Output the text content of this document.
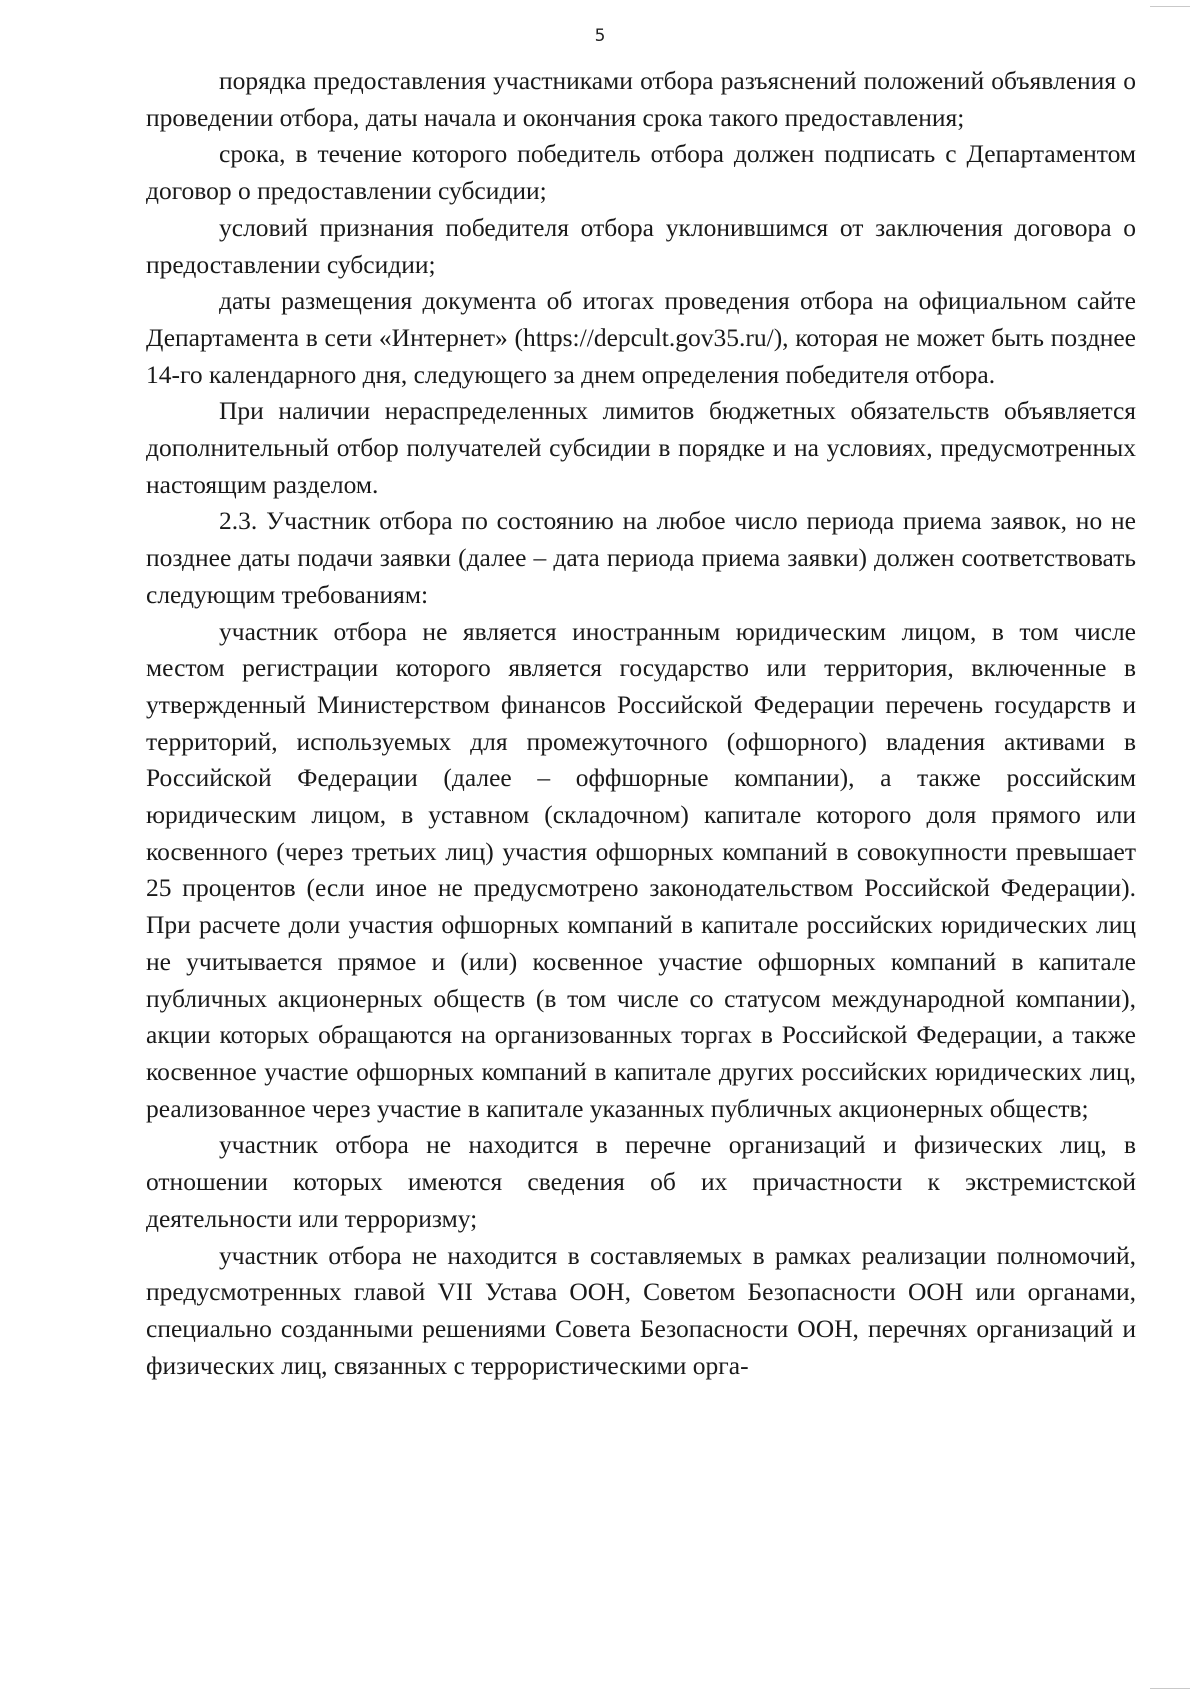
5

порядка предоставления участниками отбора разъяснений положений объявления о проведении отбора, даты начала и окончания срока такого предоставления;

срока, в течение которого победитель отбора должен подписать с Департаментом договор о предоставлении субсидии;

условий признания победителя отбора уклонившимся от заключения договора о предоставлении субсидии;

даты размещения документа об итогах проведения отбора на официальном сайте Департамента в сети «Интернет» (https://depcult.gov35.ru/), которая не может быть позднее 14-го календарного дня, следующего за днем определения победителя отбора.

При наличии нераспределенных лимитов бюджетных обязательств объявляется дополнительный отбор получателей субсидии в порядке и на условиях, предусмотренных настоящим разделом.

2.3. Участник отбора по состоянию на любое число периода приема заявок, но не позднее даты подачи заявки (далее – дата периода приема заявки) должен соответствовать следующим требованиям:

участник отбора не является иностранным юридическим лицом, в том числе местом регистрации которого является государство или территория, включенные в утвержденный Министерством финансов Российской Федерации перечень государств и территорий, используемых для промежуточного (офшорного) владения активами в Российской Федерации (далее – оффшорные компании), а также российским юридическим лицом, в уставном (складочном) капитале которого доля прямого или косвенного (через третьих лиц) участия офшорных компаний в совокупности превышает 25 процентов (если иное не предусмотрено законодательством Российской Федерации). При расчете доли участия офшорных компаний в капитале российских юридических лиц не учитывается прямое и (или) косвенное участие офшорных компаний в капитале публичных акционерных обществ (в том числе со статусом международной компании), акции которых обращаются на организованных торгах в Российской Федерации, а также косвенное участие офшорных компаний в капитале других российских юридических лиц, реализованное через участие в капитале указанных публичных акционерных обществ;

участник отбора не находится в перечне организаций и физических лиц, в отношении которых имеются сведения об их причастности к экстремистской деятельности или терроризму;

участник отбора не находится в составляемых в рамках реализации полномочий, предусмотренных главой VII Устава ООН, Советом Безопасности ООН или органами, специально созданными решениями Совета Безопасности ООН, перечнях организаций и физических лиц, связанных с террористическими орга-
